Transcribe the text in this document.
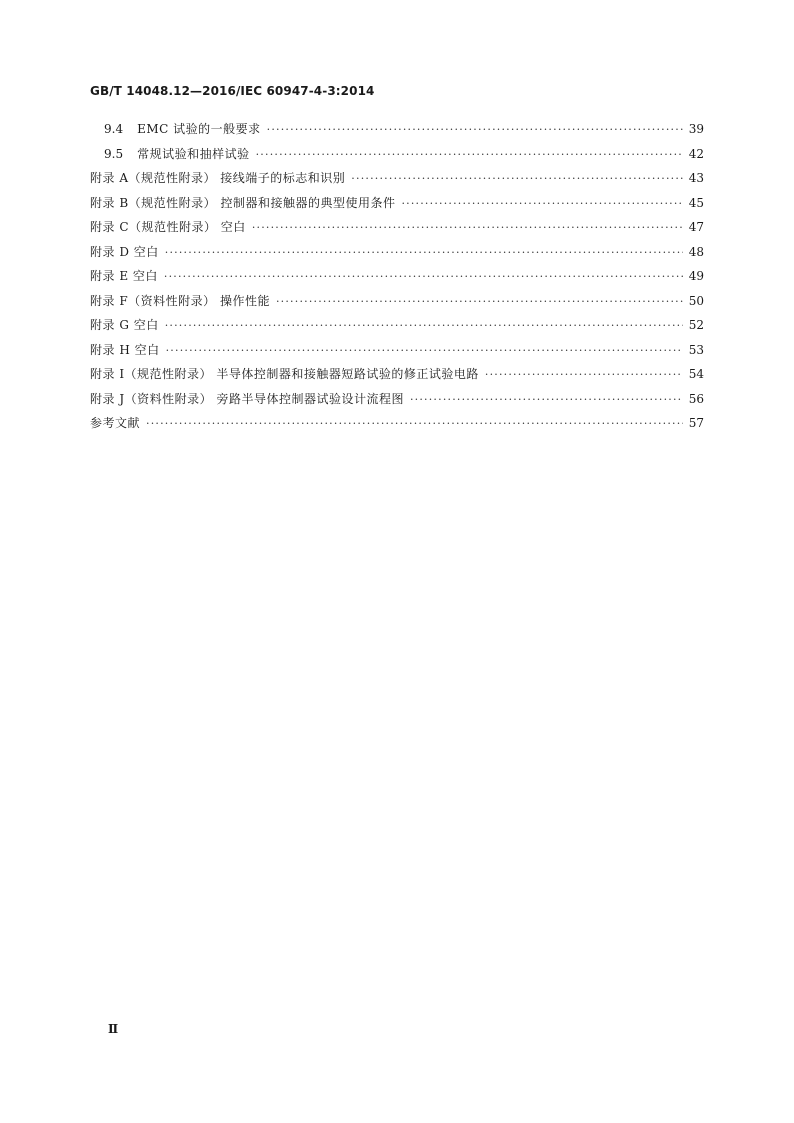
GB/T 14048.12—2016/IEC 60947-4-3:2014
9.4 EMC 试验的一般要求 ·····	39
9.5 常规试验和抽样试验 ·····	42
附录 A（规范性附录） 接线端子的标志和识别 ·····	43
附录 B（规范性附录） 控制器和接触器的典型使用条件 ·····	45
附录 C（规范性附录） 空白 ·····	47
附录 D 空白 ·····	48
附录 E 空白 ·····	49
附录 F（资料性附录） 操作性能 ·····	50
附录 G 空白 ·····	52
附录 H 空白 ·····	53
附录 I（规范性附录） 半导体控制器和接触器短路试验的修正试验电路 ·····	54
附录 J（资料性附录） 旁路半导体控制器试验设计流程图 ·····	56
参考文献 ·····	57
Ⅱ
